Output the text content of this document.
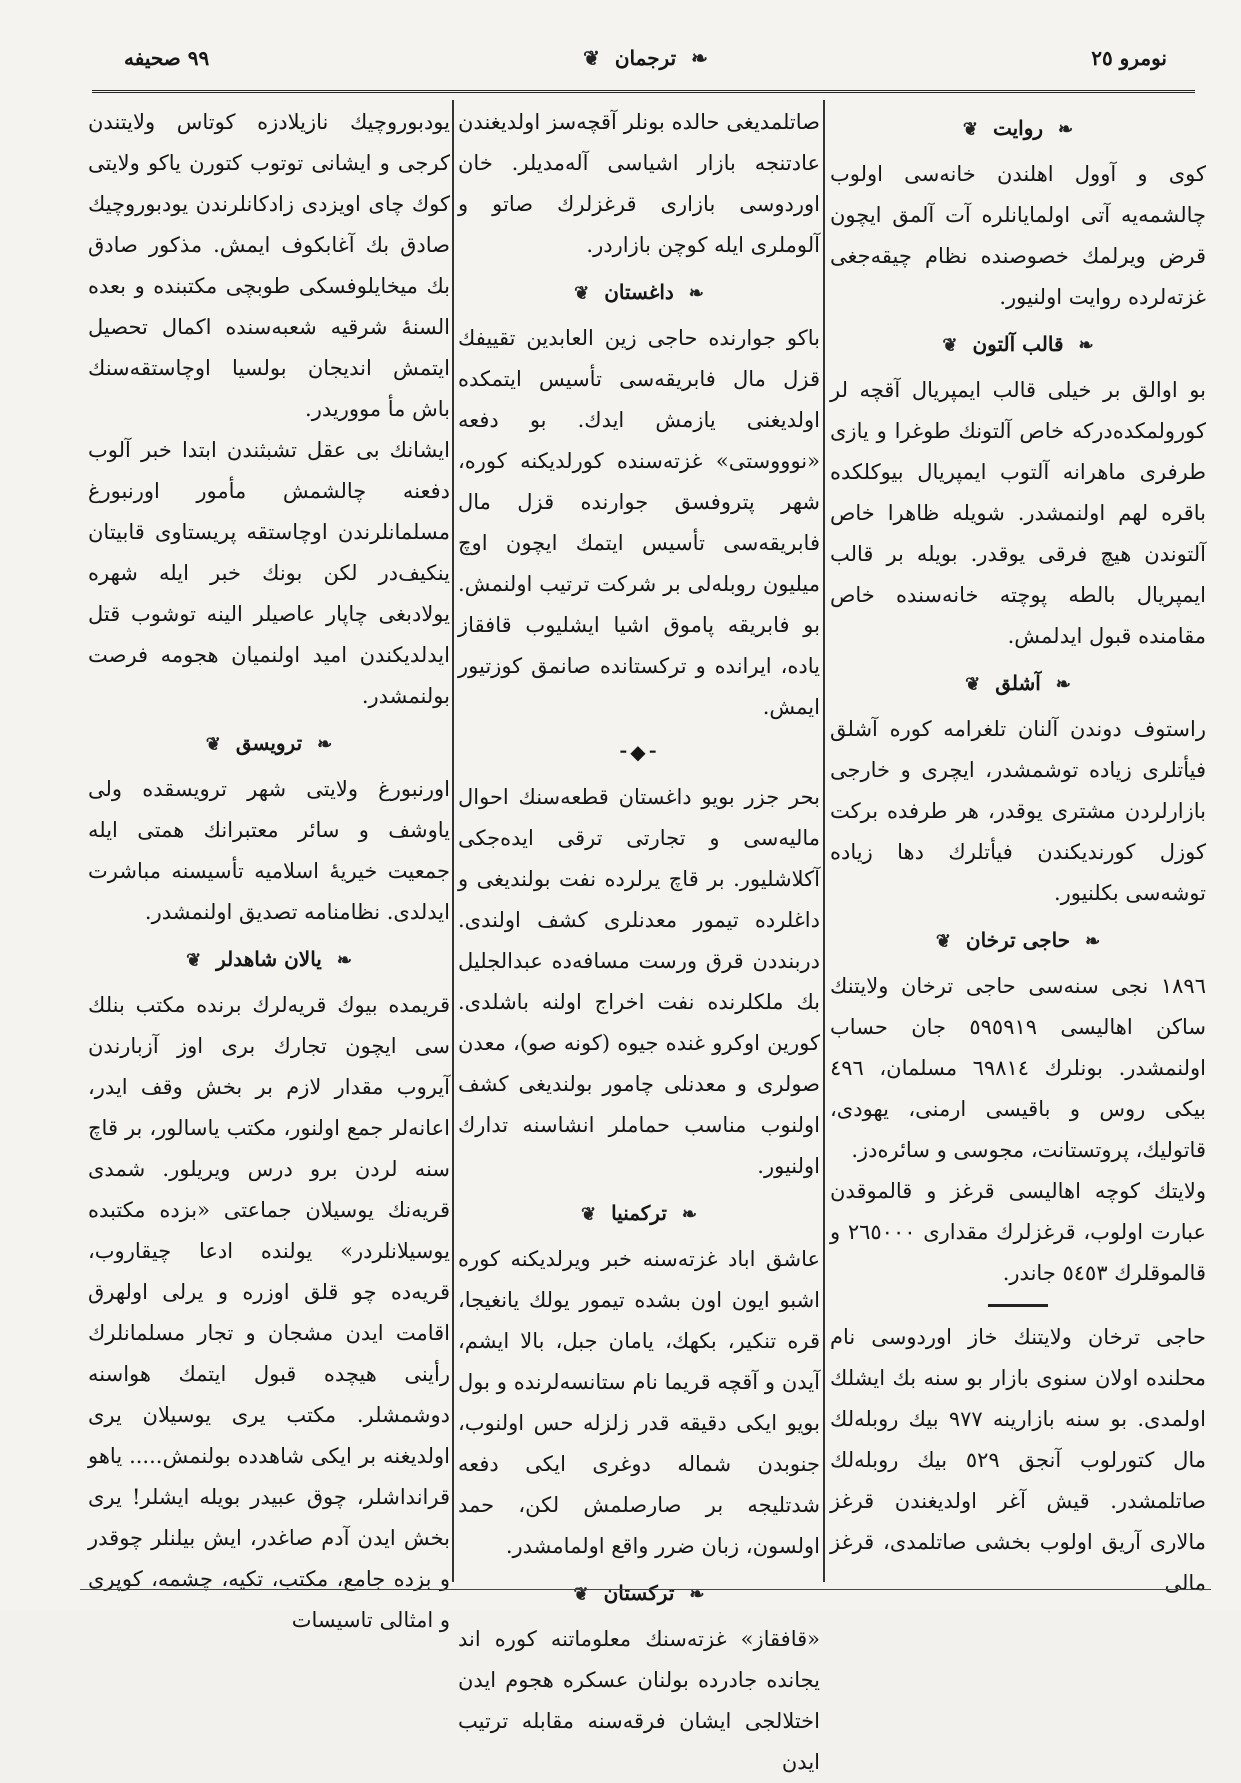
٩٩ صحيفه	❧ ترجمان ❦	نومرو ٢٥
❧ روايت ❦

كوى و آوول اهلندن خانه‌سى اولوب چالشمه‌يه آتى اولمايانلره آت آلمق ايچون قرض ويرلمك خصوصنده نظام چيقه‌جغى غزته‌لرده روايت اولنيور.

❧ قالب آلتون ❦

بو اوالق بر خيلى قالب ايمپريال آقچه لر كورولمكده‌دركه خاص آلتونك طوغرا و يازى طرفرى ماهرانه آلتوب ايمپريال بيوكلكده باقره لهم اولنمشدر. شويله ظاهرا خاص آلتوندن هيچ فرقى يوقدر. بويله بر قالب ايمپريال بالطه پوچته خانه‌سنده خاص مقامنده قبول ايدلمش.

❧ آشلق ❦

راستوف دوندن آلنان تلغرامه كوره آشلق فيأتلرى زياده توشمشدر، ايچرى و خارجى بازارلردن مشترى يوقدر، هر طرفده بركت كوزل كورنديكندن فيأتلرك دها زياده توشه‌سى بكلنيور.

❧ حاجى ترخان ❦

١٨٩٦ نجى سنه‌سى حاجى ترخان ولايتنك ساكن اهاليسى ٥٩٥٩١٩ جان حساب اولنمشدر. بونلرك ٦٩٨١٤ مسلمان، ٤٩٦ بيكى روس و باقيسى ارمنى، يهودى، قاتوليك، پروتستانت، مجوسى و سائره‌دز.

ولايتك كوچه اهاليسى قرغز و قالموقدن عبارت اولوب، قرغزلرك مقدارى ٢٦٥٠٠٠ و قالموقلرك ٥٤٥٣ جاندر.

حاجى ترخان ولايتنك خاز اوردوسى نام محلنده اولان سنوى بازار بو سنه بك ايشلك اولمدى. بو سنه بازارينه ٩٧٧ بيك روبله‌لك مال كتورلوب آنجق ٥٢٩ بيك روبله‌لك صاتلمشدر. قيش آغر اولديغندن قرغز مالارى آريق اولوب بخشى صاتلمدى، قرغز مالى

صاتلمديغى حالده بونلر آقچه‌سز اولديغندن عادتنجه بازار اشياسى آله‌مديلر. خان اوردوسى بازارى قرغزلرك صاتو و آلوملرى ايله كوچن بازاردر.

❧ داغستان ❦

باكو جوارنده حاجى زين العابدين تقييفك قزل مال فابريقه‌سى تأسيس ايتمكده اولديغنى يازمش ايدك. بو دفعه «نوووستى» غزته‌سنده كورلديكنه كوره، شهر پتروفسق جوارنده قزل مال فابريقه‌سى تأسيس ايتمك ايچون اوچ ميليون روبله‌لى بر شركت ترتيب اولنمش. بو فابريقه پاموق اشيا ايشليوب قافقاز ياده، ايرانده و تركستانده صانمق كوزتيور ايمش.

⁃◆⁃

بحر جزر بويو داغستان قطعه‌سنك احوال ماليه‌سى و تجارتى ترقى ايده‌جكى آكلاشليور. بر قاچ يرلرده نفت بولنديغى و داغلرده تيمور معدنلرى كشف اولندى. دربنددن قرق ورست مسافه‌ده عبدالجليل بك ملكلرنده نفت اخراج اولنه باشلدى. كورين اوكرو غنده جيوه (كونه صو)، معدن صولرى و معدنلى چامور بولنديغى كشف اولنوب مناسب حماملر انشاسنه تدارك اولنيور.

❧ تركمنيا ❦

عاشق اباد غزته‌سنه خبر ويرلديكنه كوره اشبو ايون اون بشده تيمور يولك يانغيجا، قره تنكير، بكهك، يامان جبل، بالا ايشم، آيدن و آقچه قريما نام ستانسه‌لرنده و بول بويو ايكى دقيقه قدر زلزله حس اولنوب، جنوبدن شماله دوغرى ايكى دفعه شدتليجه بر صارصلمش لكن، حمد اولسون، زبان ضرر واقع اولمامشدر.

❧ تركستان ❦

«قافقاز» غزته‌سنك معلوماتنه كوره اند يجانده جادرده بولنان عسكره هجوم ايدن اختلالجى ايشان فرقه‌سنه مقابله ترتيب ايدن

يودبوروچيك نازيلادزه كوتاس ولايتندن كرجى و ايشانى توتوب كتورن ياكو ولايتى كوك چاى اويزدى زادكانلرندن يودبوروچيك صادق بك آغابكوف ايمش. مذكور صادق بك ميخايلوفسكى طوبچى مكتبنده و بعده السنهٔ شرقيه شعبه‌سنده اكمال تحصيل ايتمش انديجان بولسيا اوچاستقه‌سنك باش مأ مووريدر.

ايشانك بى عقل تشبثندن ابتدا خبر آلوب دفعنه چالشمش مأمور اورنبورغ مسلمانلرندن اوچاستقه پريستاوى قابيتان ينكيف‌در لكن بونك خبر ايله شهره يولادبغى چاپار عاصيلر الينه توشوب قتل ايدلديكندن اميد اولنميان هجومه فرصت بولنمشدر.

❧ ترويسق ❦

اورنبورغ ولايتى شهر ترويسقده ولى ياوشف و سائر معتبرانك همتى ايله جمعيت خيريهٔ اسلاميه تأسيسنه مباشرت ايدلدى. نظامنامه تصديق اولنمشدر.

❧ يالان شاهدلر ❦

قريمده بيوك قريه‌لرك برنده مكتب بنلك سى ايچون تجارك برى اوز آزبارندن آيروب مقدار لازم بر بخش وقف ايدر، اعانه‌لر جمع اولنور، مكتب ياسالور، بر قاچ سنه لردن برو درس ويريلور. شمدى قريه‌نك يوسيلان جماعتى «بزده مكتبده يوسيلانلردر» يولنده ادعا چيقاروب، قريه‌ده چو قلق اوزره و يرلى اولهرق اقامت ايدن مشجان و تجار مسلمانلرك رأينى هيچده قبول ايتمك هواسنه دوشمشلر. مكتب يرى يوسيلان يرى اولديغنه بر ايكى شاهدده بولنمش..... ياهو قرانداشلر، چوق عبيدر بويله ايشلر! يرى بخش ايدن آدم صاغدر، ايش بيلنلر چوقدر و بزده جامع، مكتب، تكيه، چشمه، كوپرى و امثالى تاسيسات
